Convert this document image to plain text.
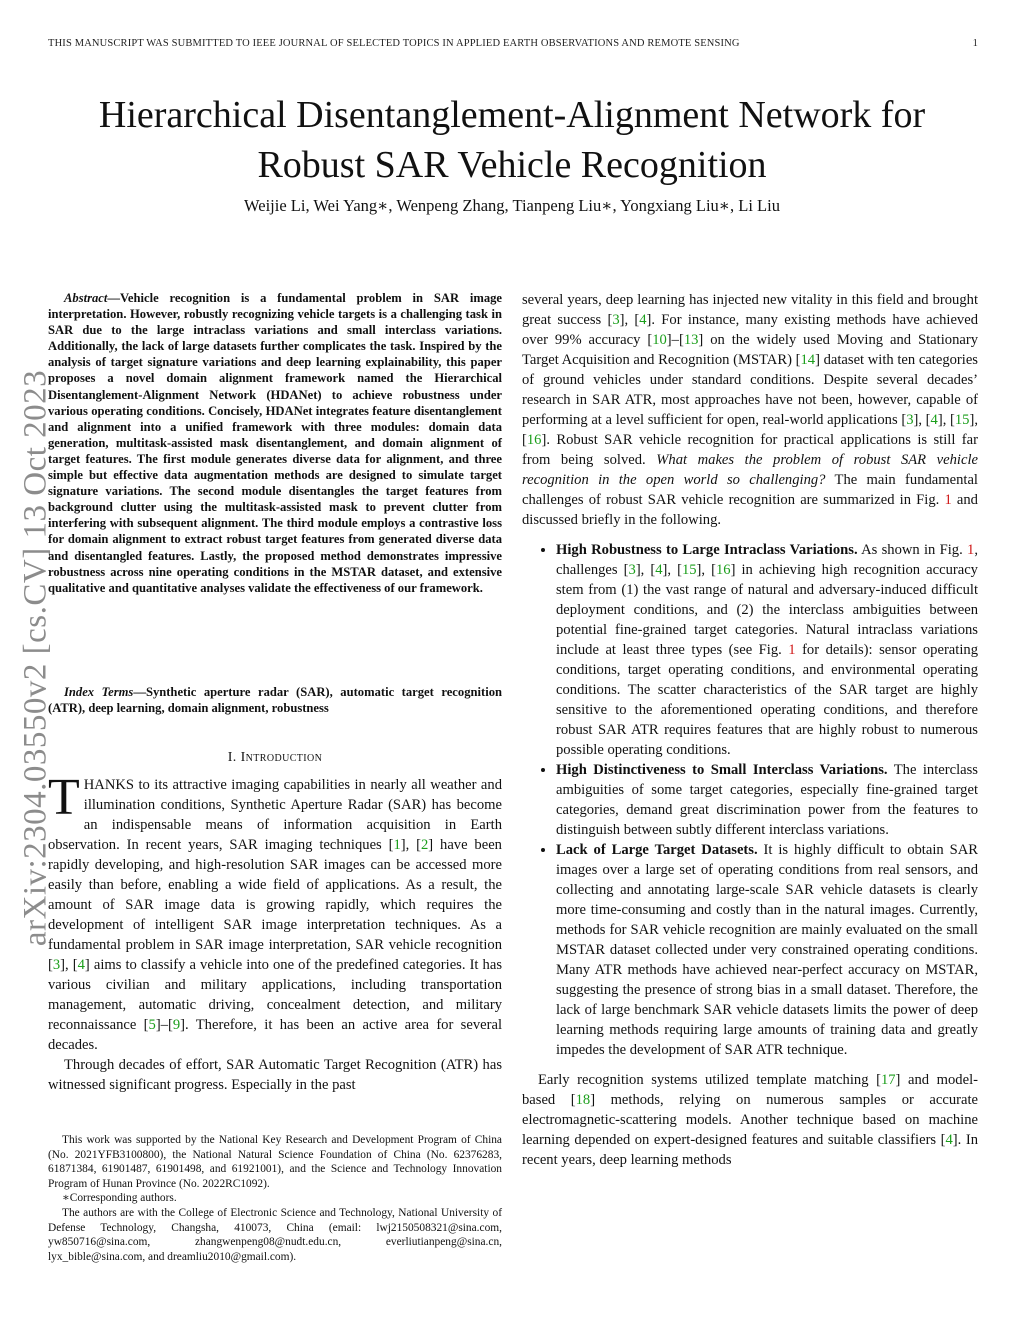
THIS MANUSCRIPT WAS SUBMITTED TO IEEE JOURNAL OF SELECTED TOPICS IN APPLIED EARTH OBSERVATIONS AND REMOTE SENSING	1
Hierarchical Disentanglement-Alignment Network for
Robust SAR Vehicle Recognition
Weijie Li, Wei Yang∗, Wenpeng Zhang, Tianpeng Liu∗, Yongxiang Liu∗, Li Liu
arXiv:2304.03550v2 [cs.CV] 13 Oct 2023
Abstract—Vehicle recognition is a fundamental problem in SAR image interpretation. However, robustly recognizing vehicle targets is a challenging task in SAR due to the large intraclass variations and small interclass variations. Additionally, the lack of large datasets further complicates the task. Inspired by the analysis of target signature variations and deep learning explainability, this paper proposes a novel domain alignment framework named the Hierarchical Disentanglement-Alignment Network (HDANet) to achieve robustness under various operating conditions. Concisely, HDANet integrates feature disentanglement and alignment into a unified framework with three modules: domain data generation, multitask-assisted mask disentanglement, and domain alignment of target features. The first module generates diverse data for alignment, and three simple but effective data augmentation methods are designed to simulate target signature variations. The second module disentangles the target features from background clutter using the multitask-assisted mask to prevent clutter from interfering with subsequent alignment. The third module employs a contrastive loss for domain alignment to extract robust target features from generated diverse data and disentangled features. Lastly, the proposed method demonstrates impressive robustness across nine operating conditions in the MSTAR dataset, and extensive qualitative and quantitative analyses validate the effectiveness of our framework.
Index Terms—Synthetic aperture radar (SAR), automatic target recognition (ATR), deep learning, domain alignment, robustness
I. Introduction

THANKS to its attractive imaging capabilities in nearly all weather and illumination conditions, Synthetic Aperture Radar (SAR) has become an indispensable means of information acquisition in Earth observation. In recent years, SAR imaging techniques [1], [2] have been rapidly developing, and high-resolution SAR images can be accessed more easily than before, enabling a wide field of applications. As a result, the amount of SAR image data is growing rapidly, which requires the development of intelligent SAR image interpretation techniques. As a fundamental problem in SAR image interpretation, SAR vehicle recognition [3], [4] aims to classify a vehicle into one of the predefined categories. It has various civilian and military applications, including transportation management, automatic driving, concealment detection, and military reconnaissance [5]–[9]. Therefore, it has been an active area for several decades.

Through decades of effort, SAR Automatic Target Recognition (ATR) has witnessed significant progress. Especially in the past

This work was supported by the National Key Research and Development Program of China (No. 2021YFB3100800), the National Natural Science Foundation of China (No. 62376283, 61871384, 61901487, 61901498, and 61921001), and the Science and Technology Innovation Program of Hunan Province (No. 2022RC1092).

∗Corresponding authors.

The authors are with the College of Electronic Science and Technology, National University of Defense Technology, Changsha, 410073, China (email: lwj2150508321@sina.com, yw850716@sina.com, zhangwenpeng08@nudt.edu.cn, everliutianpeng@sina.cn, lyx_bible@sina.com, and dreamliu2010@gmail.com).

several years, deep learning has injected new vitality in this field and brought great success [3], [4]. For instance, many existing methods have achieved over 99% accuracy [10]–[13] on the widely used Moving and Stationary Target Acquisition and Recognition (MSTAR) [14] dataset with ten categories of ground vehicles under standard conditions. Despite several decades’ research in SAR ATR, most approaches have not been, however, capable of performing at a level sufficient for open, real-world applications [3], [4], [15], [16]. Robust SAR vehicle recognition for practical applications is still far from being solved. What makes the problem of robust SAR vehicle recognition in the open world so challenging? The main fundamental challenges of robust SAR vehicle recognition are summarized in Fig. 1 and discussed briefly in the following.

• High Robustness to Large Intraclass Variations. As shown in Fig. 1, challenges [3], [4], [15], [16] in achieving high recognition accuracy stem from (1) the vast range of natural and adversary-induced difficult deployment conditions, and (2) the interclass ambiguities between potential fine-grained target categories. Natural intraclass variations include at least three types (see Fig. 1 for details): sensor operating conditions, target operating conditions, and environmental operating conditions. The scatter characteristics of the SAR target are highly sensitive to the aforementioned operating conditions, and therefore robust SAR ATR requires features that are highly robust to numerous possible operating conditions.
• High Distinctiveness to Small Interclass Variations. The interclass ambiguities of some target categories, especially fine-grained target categories, demand great discrimination power from the features to distinguish between subtly different interclass variations.
• Lack of Large Target Datasets. It is highly difficult to obtain SAR images over a large set of operating conditions from real sensors, and collecting and annotating large-scale SAR vehicle datasets is clearly more time-consuming and costly than in the natural images. Currently, methods for SAR vehicle recognition are mainly evaluated on the small MSTAR dataset collected under very constrained operating conditions. Many ATR methods have achieved near-perfect accuracy on MSTAR, suggesting the presence of strong bias in a small dataset. Therefore, the lack of large benchmark SAR vehicle datasets limits the power of deep learning methods requiring large amounts of training data and greatly impedes the development of SAR ATR technique.

Early recognition systems utilized template matching [17] and model-based [18] methods, relying on numerous samples or accurate electromagnetic-scattering models. Another technique based on machine learning depended on expert-designed features and suitable classifiers [4]. In recent years, deep learning methods
